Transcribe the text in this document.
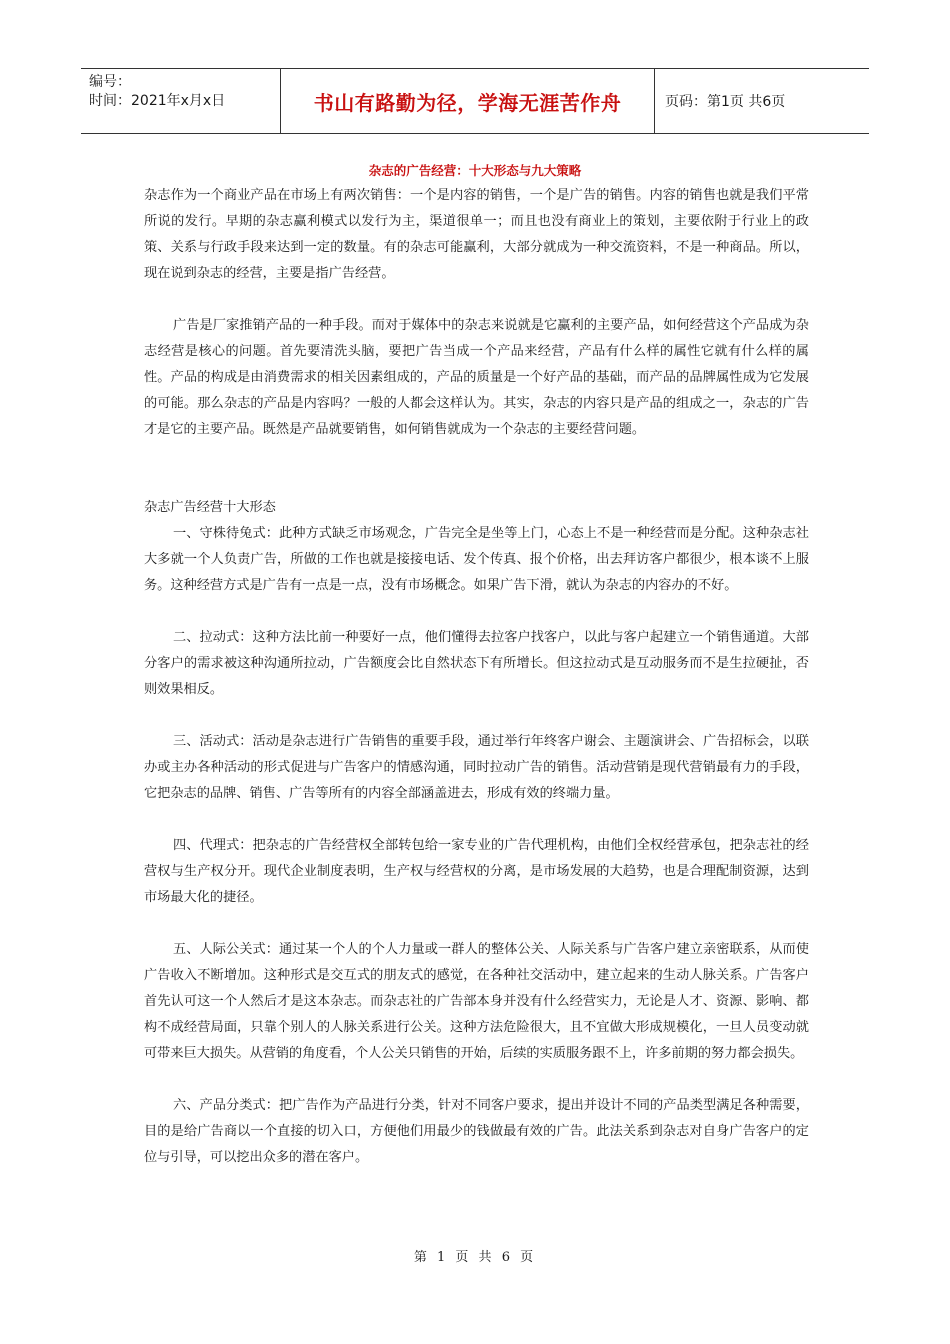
编号：
时间：2021年x月x日	书山有路勤为径，学海无涯苦作舟	页码：第1页 共6页
杂志的广告经营：十大形态与九大策略

杂志作为一个商业产品在市场上有两次销售：一个是内容的销售，一个是广告的销售。内容的销售也就是我们平常所说的发行。早期的杂志赢利模式以发行为主，渠道很单一；而且也没有商业上的策划，主要依附于行业上的政策、关系与行政手段来达到一定的数量。有的杂志可能赢利，大部分就成为一种交流资料，不是一种商品。所以，现在说到杂志的经营，主要是指广告经营。

广告是厂家推销产品的一种手段。而对于媒体中的杂志来说就是它赢利的主要产品，如何经营这个产品成为杂志经营是核心的问题。首先要清洗头脑，要把广告当成一个产品来经营，产品有什么样的属性它就有什么样的属性。产品的构成是由消费需求的相关因素组成的，产品的质量是一个好产品的基础，而产品的品牌属性成为它发展的可能。那么杂志的产品是内容吗？一般的人都会这样认为。其实，杂志的内容只是产品的组成之一，杂志的广告才是它的主要产品。既然是产品就要销售，如何销售就成为一个杂志的主要经营问题。

杂志广告经营十大形态

一、守株待兔式：此种方式缺乏市场观念，广告完全是坐等上门，心态上不是一种经营而是分配。这种杂志社大多就一个人负责广告，所做的工作也就是接接电话、发个传真、报个价格，出去拜访客户都很少，根本谈不上服务。这种经营方式是广告有一点是一点，没有市场概念。如果广告下滑，就认为杂志的内容办的不好。

二、拉动式：这种方法比前一种要好一点，他们懂得去拉客户找客户，以此与客户起建立一个销售通道。大部分客户的需求被这种沟通所拉动，广告额度会比自然状态下有所增长。但这拉动式是互动服务而不是生拉硬扯，否则效果相反。

三、活动式：活动是杂志进行广告销售的重要手段，通过举行年终客户谢会、主题演讲会、广告招标会，以联办或主办各种活动的形式促进与广告客户的情感沟通，同时拉动广告的销售。活动营销是现代营销最有力的手段，它把杂志的品牌、销售、广告等所有的内容全部涵盖进去，形成有效的终端力量。

四、代理式：把杂志的广告经营权全部转包给一家专业的广告代理机构，由他们全权经营承包，把杂志社的经营权与生产权分开。现代企业制度表明，生产权与经营权的分离，是市场发展的大趋势，也是合理配制资源，达到市场最大化的捷径。

五、人际公关式：通过某一个人的个人力量或一群人的整体公关、人际关系与广告客户建立亲密联系，从而使广告收入不断增加。这种形式是交互式的朋友式的感觉，在各种社交活动中，建立起来的生动人脉关系。广告客户首先认可这一个人然后才是这本杂志。而杂志社的广告部本身并没有什么经营实力，无论是人才、资源、影响、都构不成经营局面，只靠个别人的人脉关系进行公关。这种方法危险很大，且不宜做大形成规模化，一旦人员变动就可带来巨大损失。从营销的角度看，个人公关只销售的开始，后续的实质服务跟不上，许多前期的努力都会损失。

六、产品分类式：把广告作为产品进行分类，针对不同客户要求，提出并设计不同的产品类型满足各种需要，目的是给广告商以一个直接的切入口，方便他们用最少的钱做最有效的广告。此法关系到杂志对自身广告客户的定位与引导，可以挖出众多的潜在客户。

第 1 页 共 6 页
